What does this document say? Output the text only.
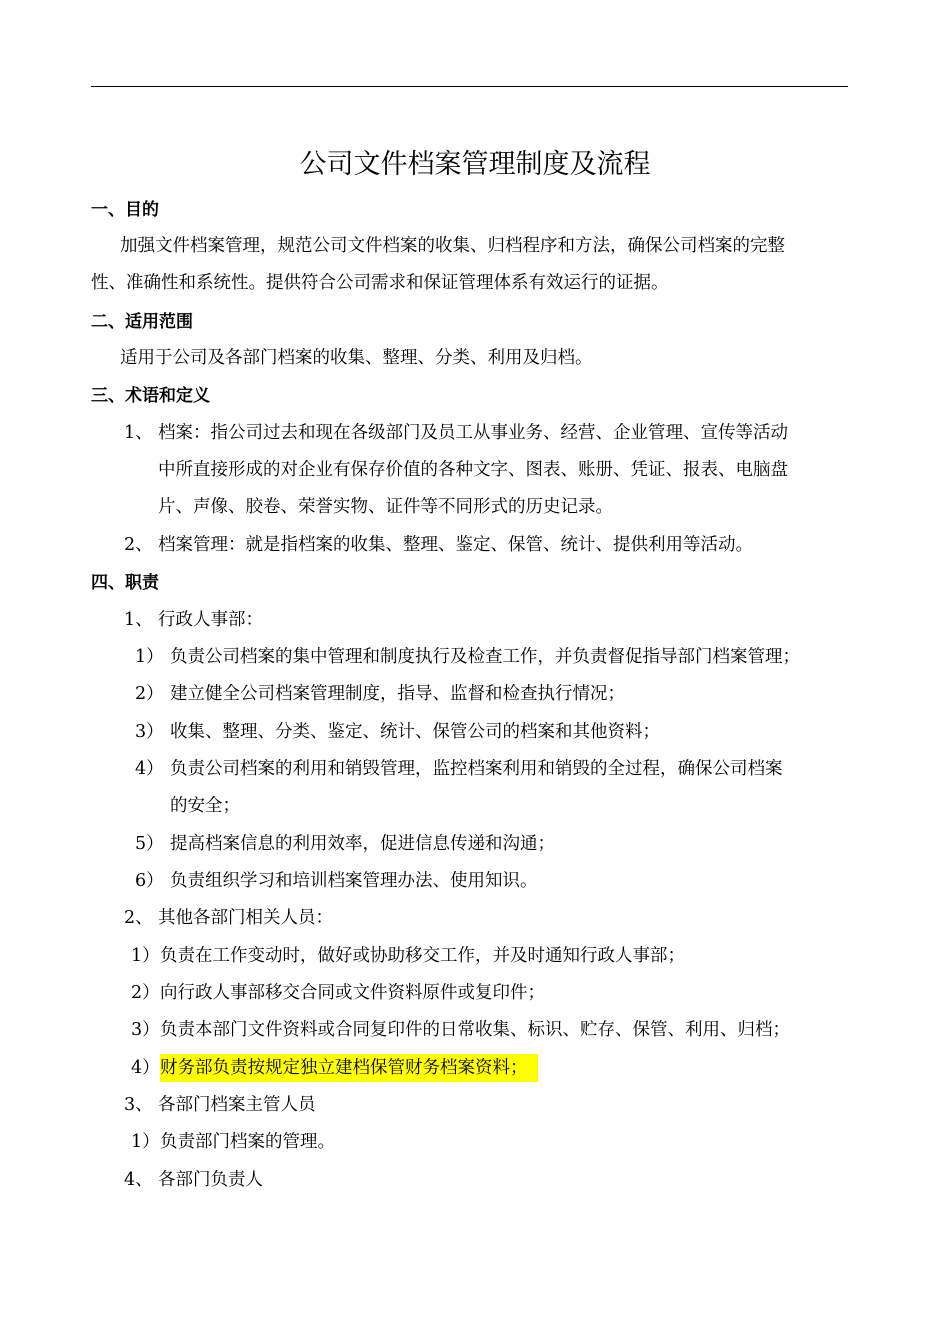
公司文件档案管理制度及流程
一、目的
加强文件档案管理，规范公司文件档案的收集、归档程序和方法，确保公司档案的完整
性、准确性和系统性。提供符合公司需求和保证管理体系有效运行的证据。
二、适用范围
适用于公司及各部门档案的收集、整理、分类、利用及归档。
三、术语和定义
1、 档案：指公司过去和现在各级部门及员工从事业务、经营、企业管理、宣传等活动
中所直接形成的对企业有保存价值的各种文字、图表、账册、凭证、报表、电脑盘
片、声像、胶卷、荣誉实物、证件等不同形式的历史记录。
2、 档案管理：就是指档案的收集、整理、鉴定、保管、统计、提供利用等活动。
四、职责
1、 行政人事部：
1） 负责公司档案的集中管理和制度执行及检查工作，并负责督促指导部门档案管理；
2） 建立健全公司档案管理制度，指导、监督和检查执行情况；
3） 收集、整理、分类、鉴定、统计、保管公司的档案和其他资料；
4） 负责公司档案的利用和销毁管理，监控档案利用和销毁的全过程，确保公司档案
的安全；
5） 提高档案信息的利用效率，促进信息传递和沟通；
6） 负责组织学习和培训档案管理办法、使用知识。
2、 其他各部门相关人员：
1） 负责在工作变动时，做好或协助移交工作，并及时通知行政人事部；
2） 向行政人事部移交合同或文件资料原件或复印件；
3） 负责本部门文件资料或合同复印件的日常收集、标识、贮存、保管、利用、归档；
4） 财务部负责按规定独立建档保管财务档案资料；
3、 各部门档案主管人员
1） 负责部门档案的管理。
4、 各部门负责人
